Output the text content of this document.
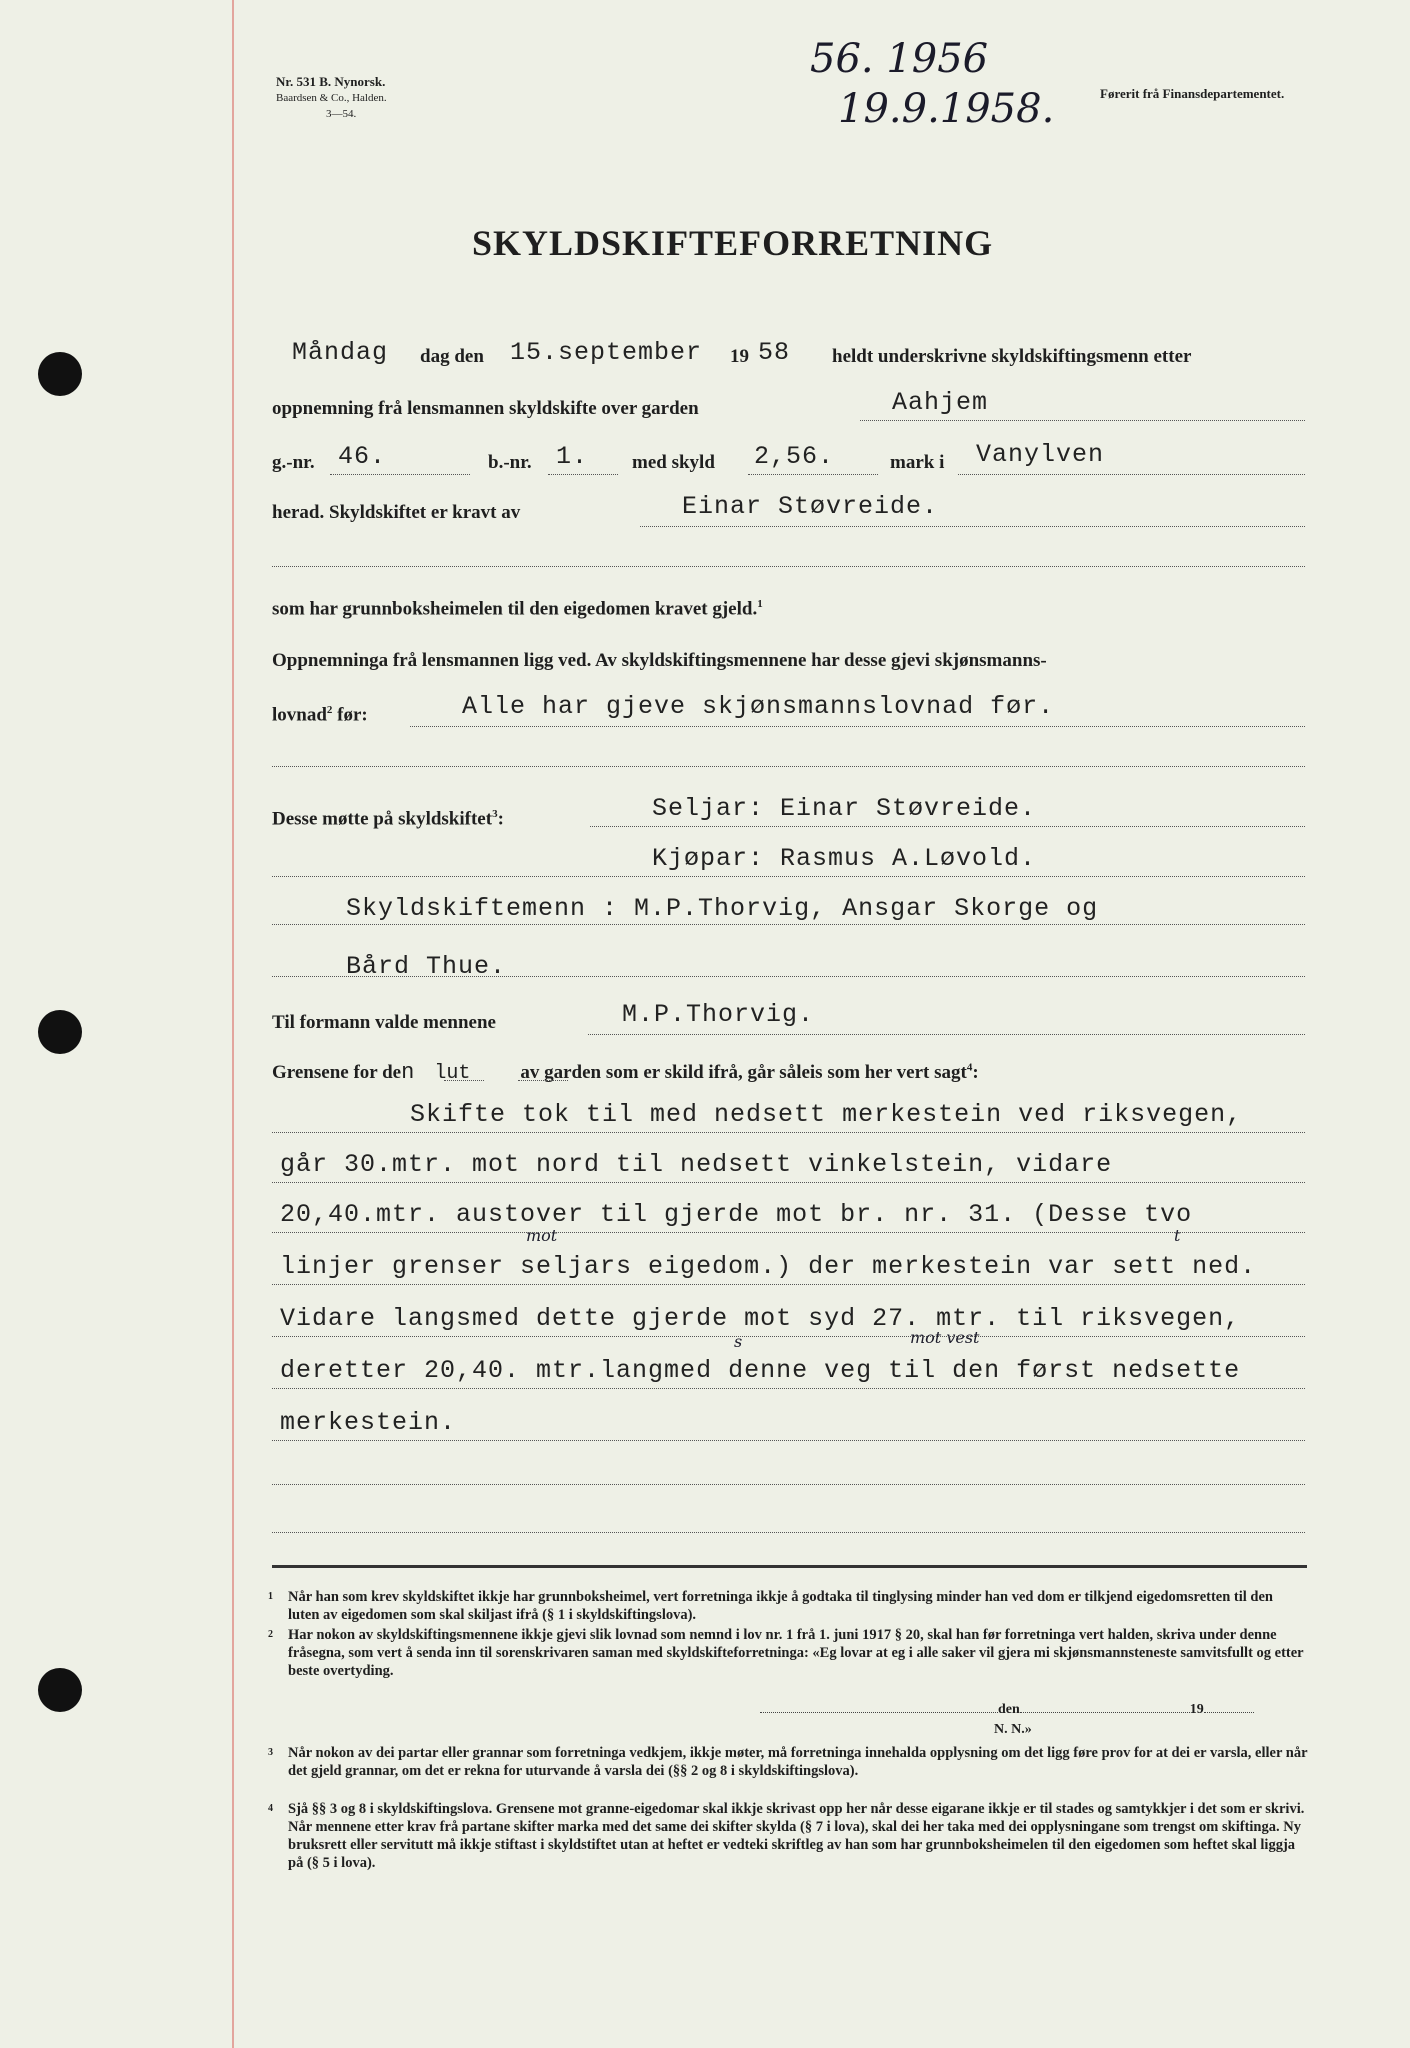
Nr. 531 B. Nynorsk.
Baardsen & Co., Halden.
3—54.
56. 1956
19.9.1958.	Førerit frå Finansdepartementet.
SKYLDSKIFTEFORRETNING
Måndag dag den 15.september 19 58 heldt underskrivne skyldskiftingsmenn etter
oppnemning frå lensmannen skyldskifte over garden	Aahjem
g.-nr. 46.	b.-nr. 1. med skyld 2,56.	mark i Vanylven
herad. Skyldskiftet er kravt av	Einar Støvreide.
som har grunnboksheimelen til den eigedomen kravet gjeld.$^1$
Oppnemninga frå lensmannen ligg ved. Av skyldskiftingsmennene har desse gjevi skjønsmanns-
lovnad$^2$ før:	Alle har gjeve skjønsmannslovnad før.
Desse møtte på skyldskiftet$^3$:	Seljar: Einar Støvreide.
Kjøpar: Rasmus A.Løvold.
Skyldskiftemenn : M.P.Thorvig, Ansgar Skorge og
Bård Thue.
Til formann valde mennene	M.P.Thorvig.
Grensene for den lut	av garden som er skild ifrå, går såleis som her vert sagt$^4$:
Skifte tok til med nedsett merkestein ved riksvegen,
går 30.mtr. mot nord til nedsett vinkelstein, vidare
20,40.mtr. austover til gjerde mot br. nr. 31. (Desse tvo
linjer grenser seljars eigedom.) der merkestein var sett ned.
Vidare langsmed dette gjerde mot syd 27. mtr. til riksvegen,
deretter 20,40. mtr.langmed denne veg til den først nedsette
merkestein.
mot	t
mot vest
s
1 Når han som krev skyldskiftet ikkje har grunnboksheimel, vert forretninga ikkje å godtaka til tinglysing minder han ved dom er tilkjend eigedomsretten til den luten av eigedomen som skal skiljast ifrå (§ 1 i skyldskiftingslova).
2 Har nokon av skyldskiftingsmennene ikkje gjevi slik lovnad som nemnd i lov nr. 1 frå 1. juni 1917 § 20, skal han før forretninga vert halden, skriva under denne fråsegna, som vert å senda inn til sorenskrivaren saman med skyldskifteforretninga: «Eg lovar at eg i alle saker vil gjera mi skjønsmannsteneste samvitsfullt og etter beste overtyding.
den	19
N. N.»
3 Når nokon av dei partar eller grannar som forretninga vedkjem, ikkje møter, må forretninga innehalda opplysning om det ligg føre prov for at dei er varsla, eller når det gjeld grannar, om det er rekna for uturvande å varsla dei (§§ 2 og 8 i skyldskiftingslova).
4 Sjå §§ 3 og 8 i skyldskiftingslova. Grensene mot granne-eigedomar skal ikkje skrivast opp her når desse eigarane ikkje er til stades og samtykkjer i det som er skrivi. Når mennene etter krav frå partane skifter marka med det same dei skifter skylda (§ 7 i lova), skal dei her taka med dei opplysningane som trengst om skiftinga. Ny bruksrett eller servitutt må ikkje stiftast i skyldstiftet utan at heftet er vedteki skriftleg av han som har grunnboksheimelen til den eigedomen som heftet skal liggja på (§ 5 i lova).
